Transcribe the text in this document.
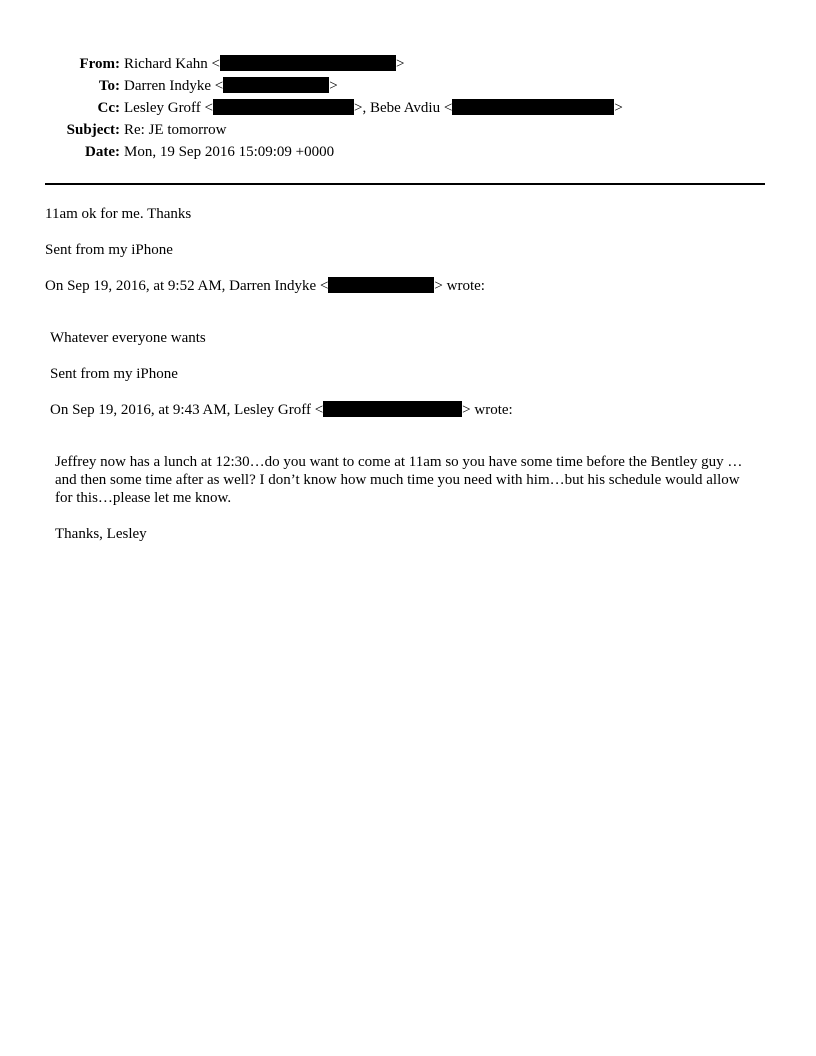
From: Richard Kahn <	>
To: Darren Indyke <	>
Cc: Lesley Groff <	>, Bebe Avdiu <	>
Subject: Re: JE tomorrow
Date: Mon, 19 Sep 2016 15:09:09 +0000
11am ok for me. Thanks
Sent from my iPhone
On Sep 19, 2016, at 9:52 AM, Darren Indyke <	> wrote:
Whatever everyone wants
Sent from my iPhone
On Sep 19, 2016, at 9:43 AM, Lesley Groff <	> wrote:
Jeffrey now has a lunch at 12:30…do you want to come at 11am so you have some time before the Bentley guy …and then some time after as well? I don’t know how much time you need with him…but his schedule would allow for this…please let me know.
Thanks, Lesley
